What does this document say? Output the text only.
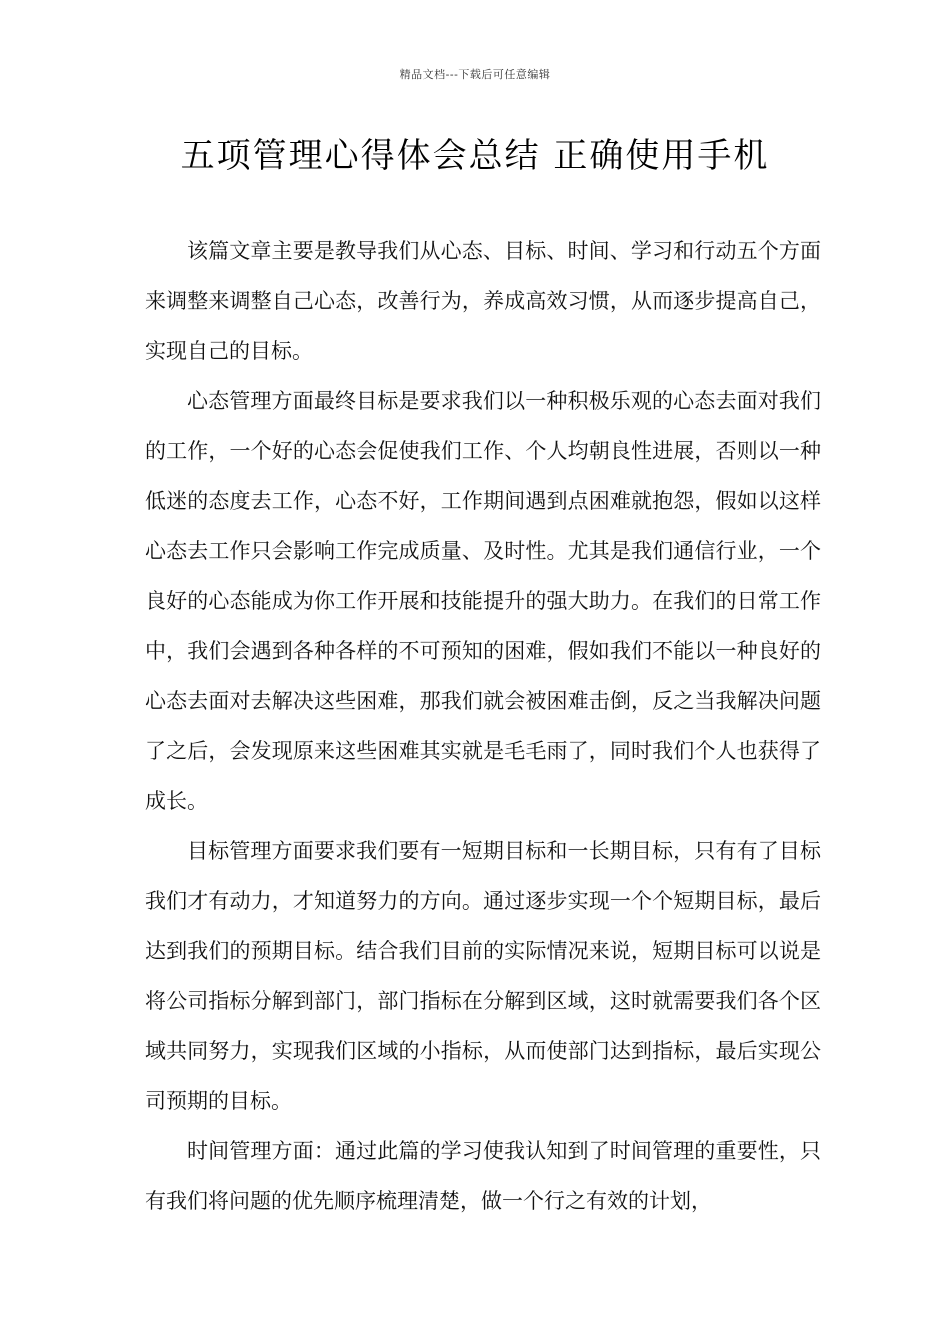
精品文档---下载后可任意编辑
五项管理心得体会总结 正确使用手机

该篇文章主要是教导我们从心态、目标、时间、学习和行动五个方面来调整来调整自己心态，改善行为，养成高效习惯，从而逐步提高自己，实现自己的目标。

心态管理方面最终目标是要求我们以一种积极乐观的心态去面对我们的工作，一个好的心态会促使我们工作、个人均朝良性进展，否则以一种低迷的态度去工作，心态不好，工作期间遇到点困难就抱怨，假如以这样心态去工作只会影响工作完成质量、及时性。尤其是我们通信行业，一个良好的心态能成为你工作开展和技能提升的强大助力。在我们的日常工作中，我们会遇到各种各样的不可预知的困难，假如我们不能以一种良好的心态去面对去解决这些困难，那我们就会被困难击倒，反之当我解决问题了之后，会发现原来这些困难其实就是毛毛雨了，同时我们个人也获得了成长。

目标管理方面要求我们要有一短期目标和一长期目标，只有有了目标我们才有动力，才知道努力的方向。通过逐步实现一个个短期目标，最后达到我们的预期目标。结合我们目前的实际情况来说，短期目标可以说是将公司指标分解到部门，部门指标在分解到区域，这时就需要我们各个区域共同努力，实现我们区域的小指标，从而使部门达到指标，最后实现公司预期的目标。

时间管理方面：通过此篇的学习使我认知到了时间管理的重要性，只有我们将问题的优先顺序梳理清楚，做一个行之有效的计划，
